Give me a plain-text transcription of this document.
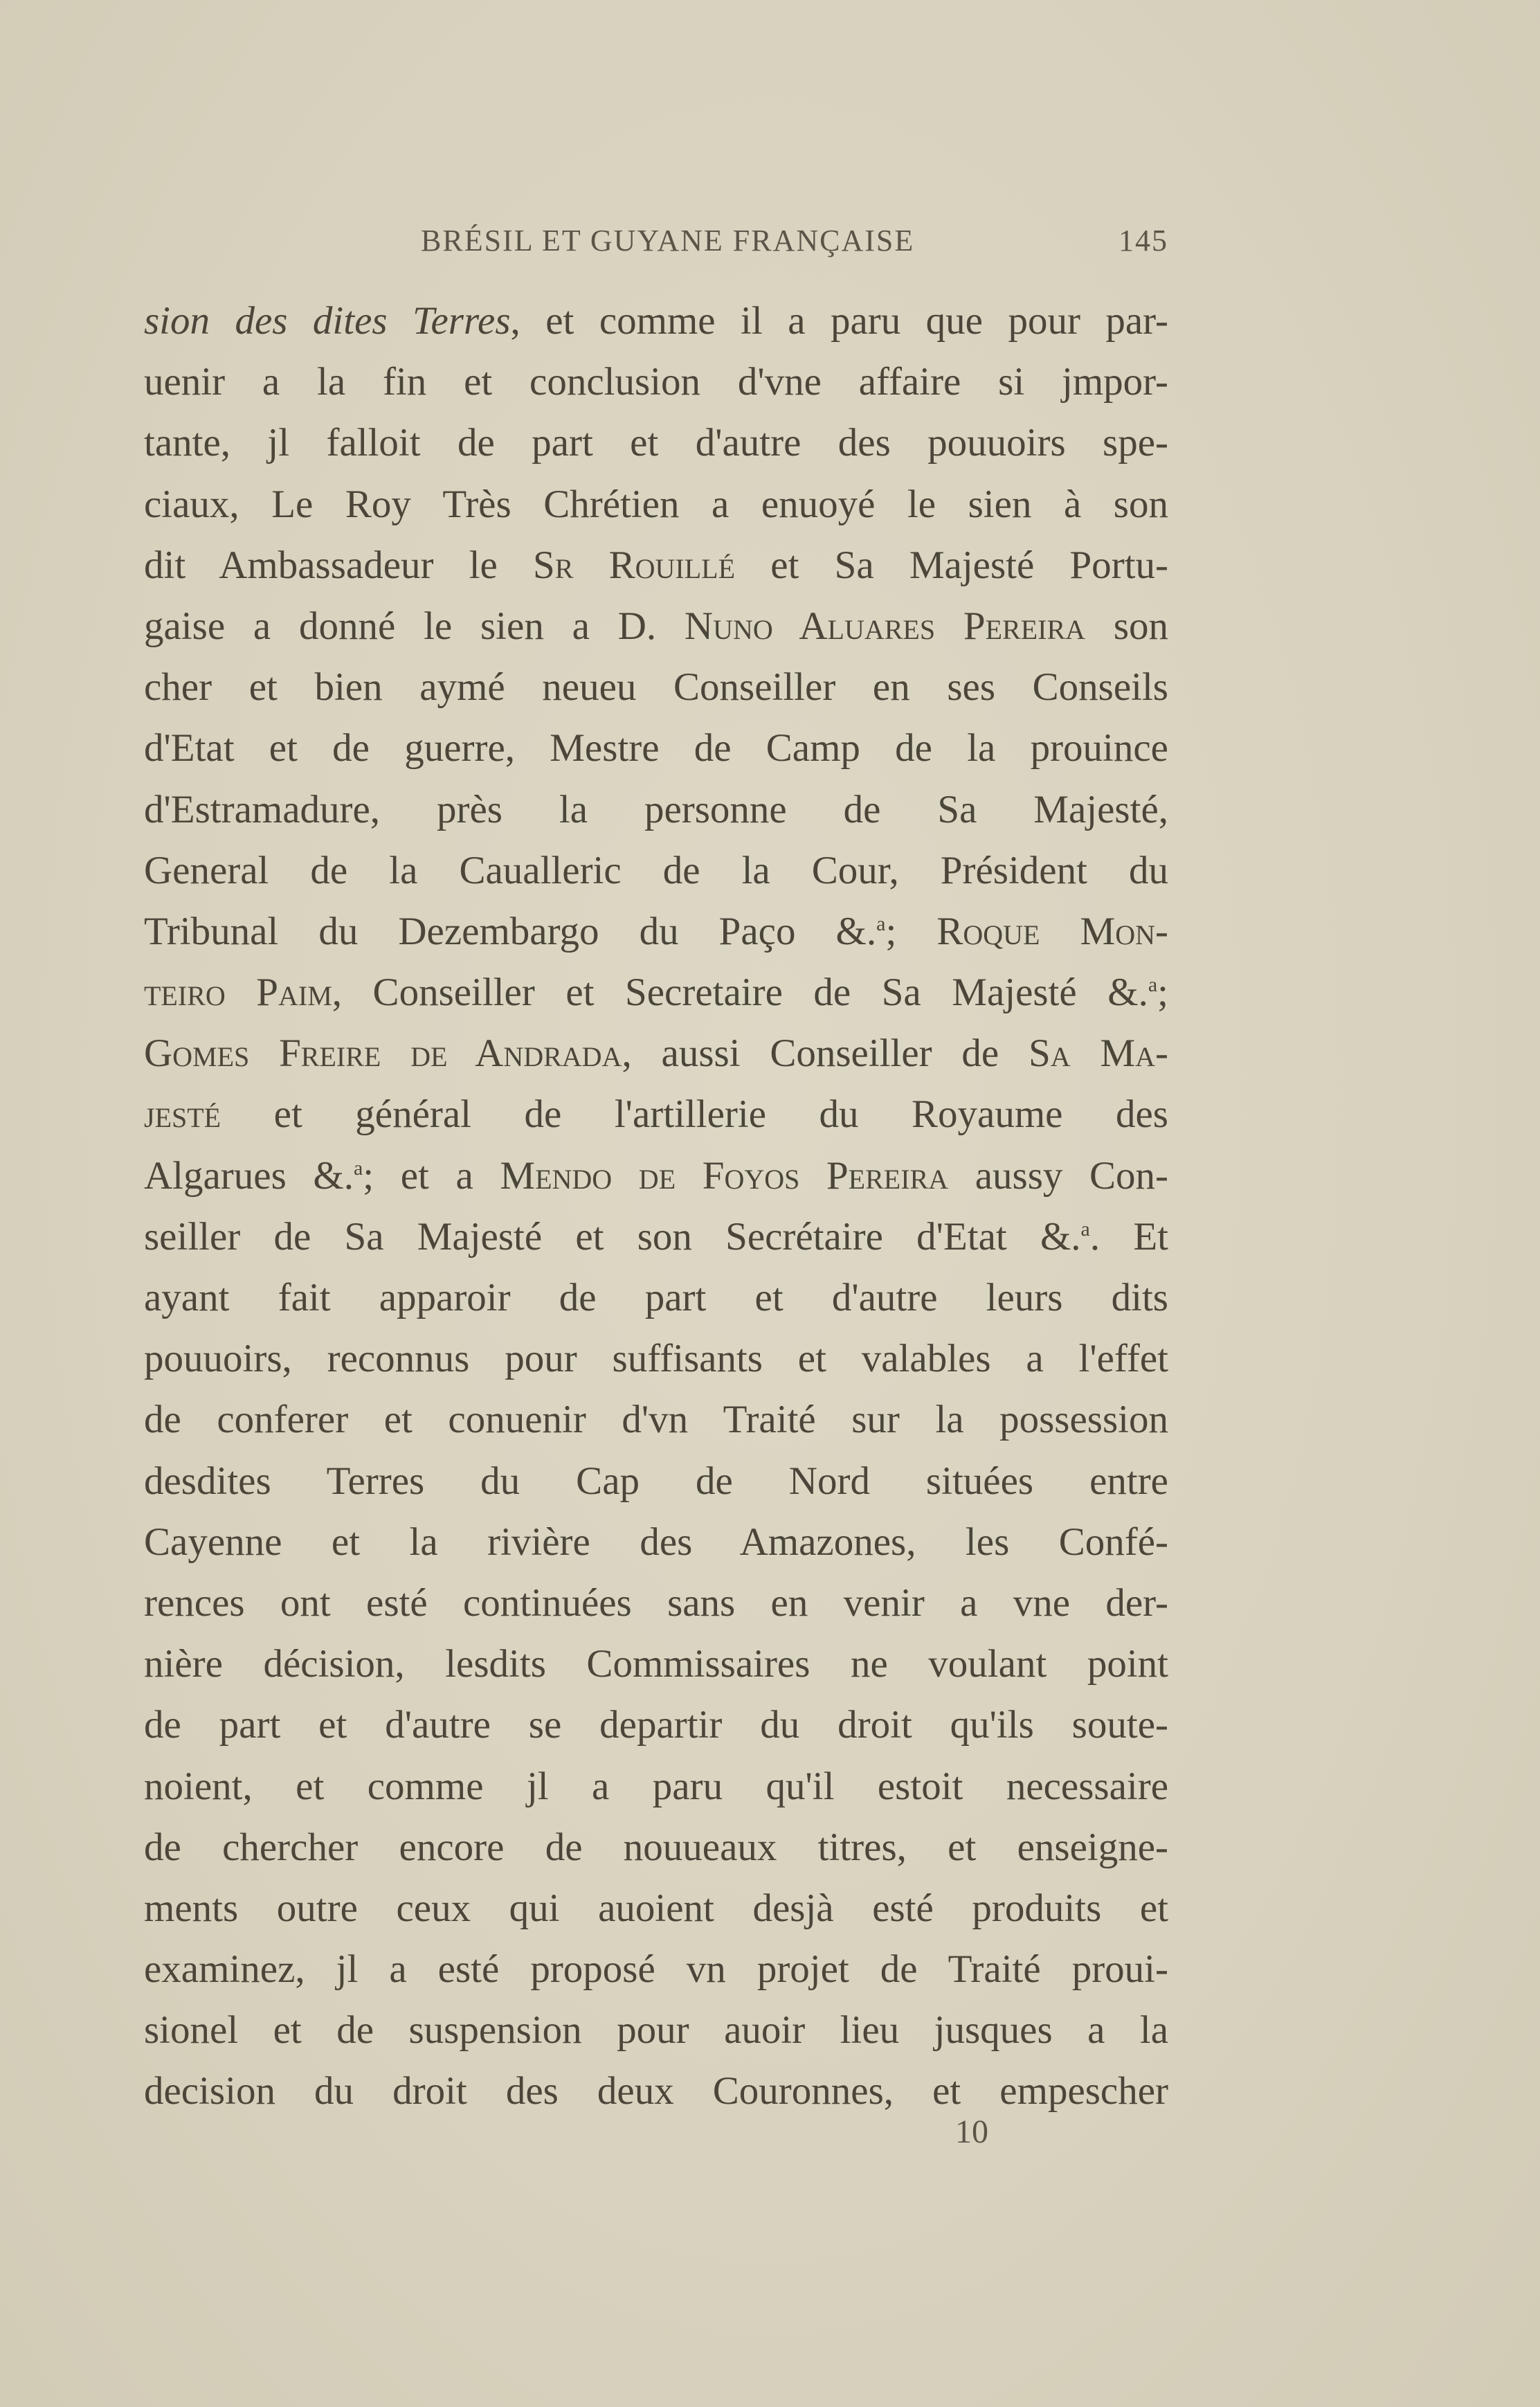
BRÉSIL ET GUYANE FRANÇAISE	145
sion des dites Terres, et comme il a paru que pour par-
uenir a la fin et conclusion d'vne affaire si jmpor-
tante, jl falloit de part et d'autre des pouuoirs spe-
ciaux, Le Roy Très Chrétien a enuoyé le sien à son
dit Ambassadeur le Sr Rouillé et Sa Majesté Portu-
gaise a donné le sien a D. Nuno Aluares Pereira son
cher et bien aymé neueu Conseiller en ses Conseils
d'Etat et de guerre, Mestre de Camp de la prouince
d'Estramadure, près la personne de Sa Majesté,
General de la Caualleric de la Cour, Président du
Tribunal du Dezembargo du Paço &.$^a$; Roque Mon-
teiro Paim, Conseiller et Secretaire de Sa Majesté &.$^a$;
Gomes Freire de Andrada, aussi Conseiller de Sa Ma-
jesté et général de l'artillerie du Royaume des
Algarues &.$^a$; et a Mendo de Foyos Pereira aussy Con-
seiller de Sa Majesté et son Secrétaire d'Etat &.$^a$. Et
ayant fait apparoir de part et d'autre leurs dits
pouuoirs, reconnus pour suffisants et valables a l'effet
de conferer et conuenir d'vn Traité sur la possession
desdites Terres du Cap de Nord situées entre
Cayenne et la rivière des Amazones, les Confé-
rences ont esté continuées sans en venir a vne der-
nière décision, lesdits Commissaires ne voulant point
de part et d'autre se departir du droit qu'ils soute-
noient, et comme jl a paru qu'il estoit necessaire
de chercher encore de nouueaux titres, et enseigne-
ments outre ceux qui auoient desjà esté produits et
examinez, jl a esté proposé vn projet de Traité proui-
sionel et de suspension pour auoir lieu jusques a la
decision du droit des deux Couronnes, et empescher
10
